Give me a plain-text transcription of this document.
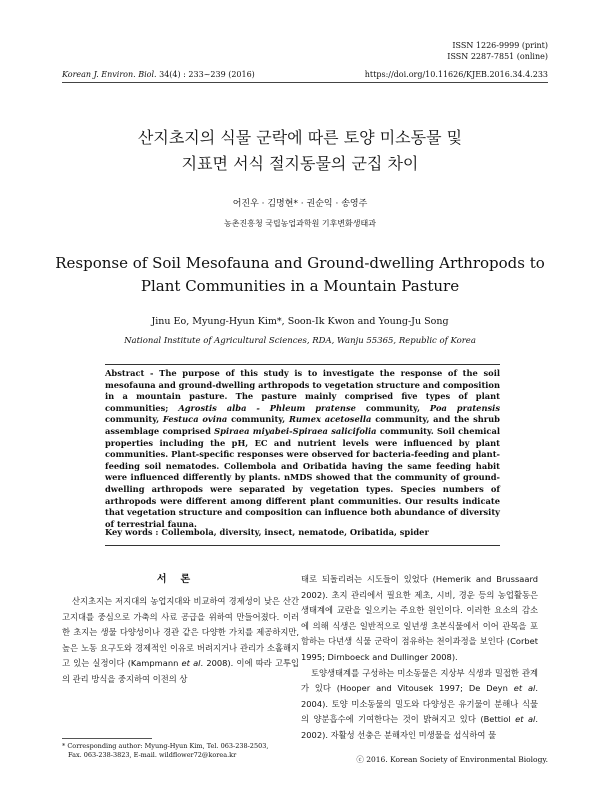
ISSN 1226-9999 (print)
ISSN 2287-7851 (online)
Korean J. Environ. Biol. 34(4) : 233~239 (2016)	https://doi.org/10.11626/KJEB.2016.34.4.233
산지초지의 식물 군락에 따른 토양 미소동물 및
지표면 서식 절지동물의 군집 차이
어진우 · 김명현* · 권순익 · 송영주
농촌진흥청 국립농업과학원 기후변화생태과
Response of Soil Mesofauna and Ground-dwelling Arthropods to
Plant Communities in a Mountain Pasture
Jinu Eo, Myung-Hyun Kim*, Soon-Ik Kwon and Young-Ju Song
National Institute of Agricultural Sciences, RDA, Wanju 55365, Republic of Korea
Abstract - The purpose of this study is to investigate the response of the soil mesofauna and ground-dwelling arthropods to vegetation structure and composition in a mountain pasture. The pasture mainly comprised five types of plant communities; Agrostis alba - Phleum pratense community, Poa pratensis community, Festuca ovina community, Rumex acetosella community, and the shrub assemblage comprised Spiraea miyabei-Spiraea salicifolia community. Soil chemical properties including the pH, EC and nutrient levels were influenced by plant communities. Plant-specific responses were observed for bacteria-feeding and plant-feeding soil nematodes. Collembola and Oribatida having the same feeding habit were influenced differently by plants. nMDS showed that the community of ground-dwelling arthropods were separated by vegetation types. Species numbers of arthropods were different among different plant communities. Our results indicate that vegetation structure and composition can influence both abundance of diversity of terrestrial fauna.
Key words : Collembola, diversity, insect, nematode, Oribatida, spider
서론

산지초지는 저지대의 농업지대와 비교하여 경제성이 낮은 산간 고지대를 중심으로 가축의 사료 공급을 위하여 만들어졌다. 이러한 초지는 생물 다양성이나 경관 같은 다양한 가치를 제공하지만, 높은 노동 요구도와 경제적인 이유로 버려지거나 관리가 소홀해지고 있는 실정이다 (Kampmann et al. 2008). 이에 따라 고투입의 관리 방식을 중지하여 이전의 상

태로 되돌리려는 시도들이 있었다 (Hemerik and Brussaard 2002). 초지 관리에서 필요한 제초, 시비, 경운 등의 농업활동은 생태계에 교란을 일으키는 주요한 원인이다. 이러한 요소의 감소에 의해 식생은 일반적으로 일년생 초본식물에서 이어 관목을 포함하는 다년생 식물 군락이 점유하는 천이과정을 보인다 (Corbet 1995; Dirnboeck and Dullinger 2008).

토양생태계를 구성하는 미소동물은 지상부 식생과 밀접한 관계가 있다 (Hooper and Vitousek 1997; De Deyn et al. 2004). 토양 미소동물의 밀도와 다양성은 유기물이 분해나 식물의 양분흡수에 기여한다는 것이 밝혀지고 있다 (Bettiol et al. 2002). 자활성 선충은 분해자인 미생물을 섭식하여 물

* Corresponding author: Myung-Hyun Kim, Tel. 063-238-2503,
Fax. 063-238-3823, E-mail. wildflower72@korea.kr	ⓒ 2016. Korean Society of Environmental Biology.
